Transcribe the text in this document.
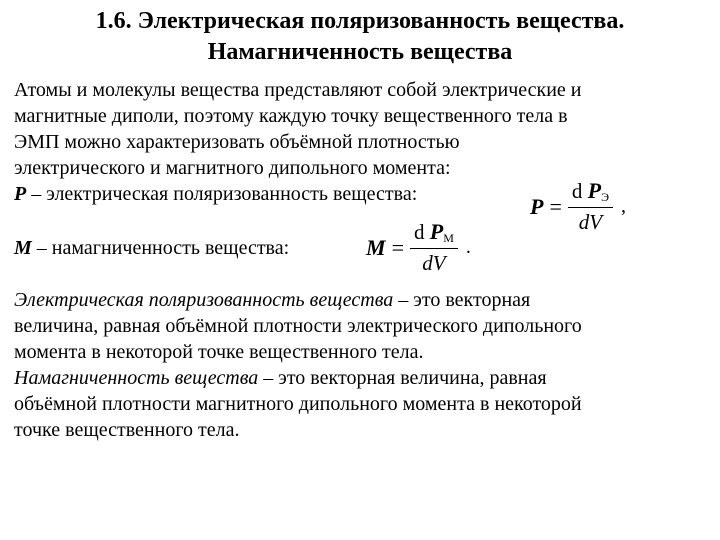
1.6. Электрическая поляризованность вещества.
Намагниченность вещества
Атомы и молекулы вещества представляют собой электрические и
магнитные диполи, поэтому каждую точку вещественного тела в
ЭМП можно характеризовать объёмной плотностью
электрического и магнитного дипольного момента:
P – электрическая поляризованность вещества:	$P = \frac{d P_Э}{dV}$ ,
M – намагниченность вещества:	$M = \frac{d P_M}{dV}$ .
Электрическая поляризованность вещества – это векторная
величина, равная объёмной плотности электрического дипольного
момента в некоторой точке вещественного тела.
Намагниченность вещества – это векторная величина, равная
объёмной плотности магнитного дипольного момента в некоторой
точке вещественного тела.
